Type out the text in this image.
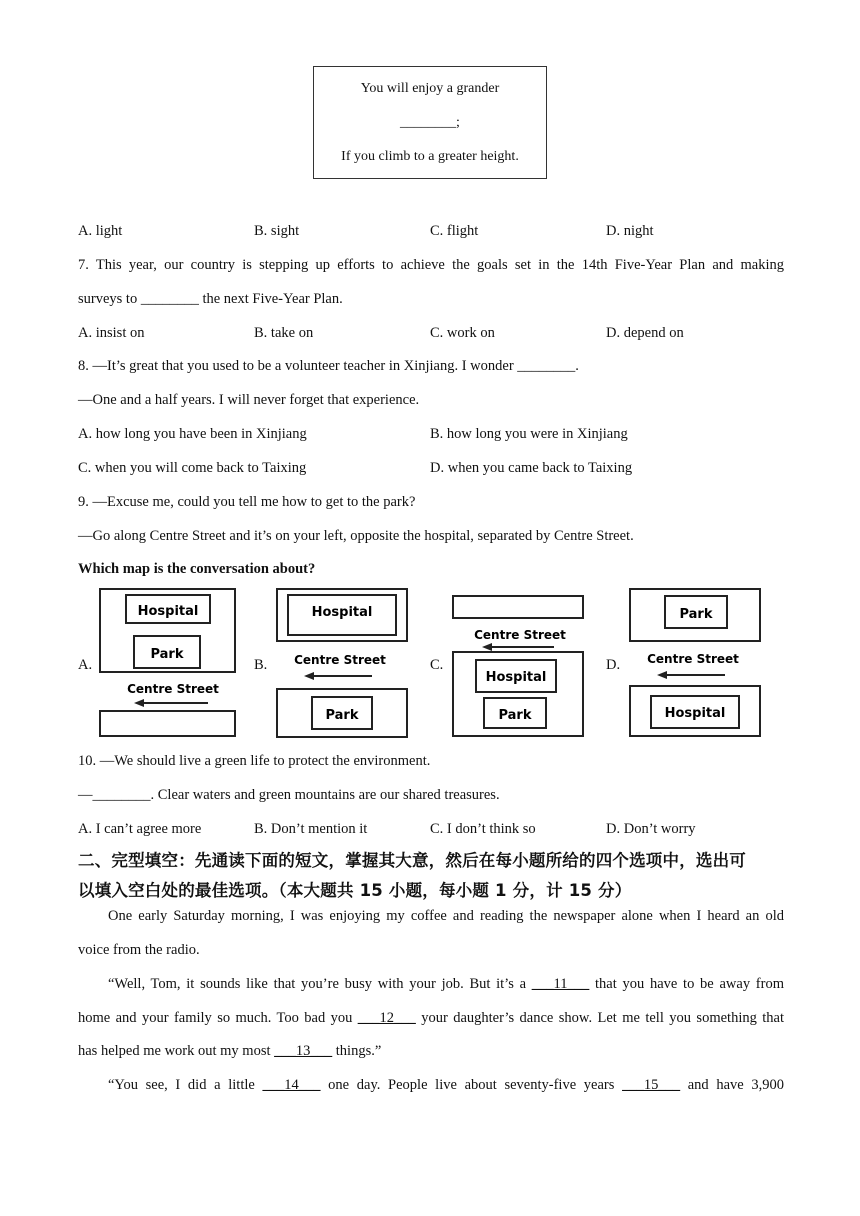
You will enjoy a grander
________;
If you climb to a greater height.
A. light	B. sight	C. flight	D. night
7. This year, our country is stepping up efforts to achieve the goals set in the 14th Five-Year Plan and making
surveys to ________ the next Five-Year Plan.
A. insist on	B. take on	C. work on	D. depend on
8. —It’s great that you used to be a volunteer teacher in Xinjiang. I wonder ________.
—One and a half years. I will never forget that experience.
A. how long you have been in Xinjiang	B. how long you were in Xinjiang
C. when you will come back to Taixing	D. when you came back to Taixing
9. —Excuse me, could you tell me how to get to the park?
—Go along Centre Street and it’s on your left, opposite the hospital, separated by Centre Street.
Which map is the conversation about?
A.	B.	C.	D.
Hospital
Park
Centre Street
Hospital
Centre Street
Park
Centre Street
Hospital
Park
Park
Centre Street
Hospital
10. —We should live a green life to protect the environment.
—________. Clear waters and green mountains are our shared treasures.
A. I can’t agree more	B. Don’t mention it	C. I don’t think so	D. Don’t worry
二、完型填空：先通读下面的短文，掌握其大意，然后在每小题所给的四个选项中，选出可
以填入空白处的最佳选项。（本大题共 15 小题，每小题 1 分，计 15 分）
One early Saturday morning, I was enjoying my coffee and reading the newspaper alone when I heard an old
voice from the radio.
“Well, Tom, it sounds like that you’re busy with your job. But it’s a ___11___ that you have to be away from
home and your family so much. Too bad you ___12___ your daughter’s dance show. Let me tell you something that
has helped me work out my most ___13___ things.”
“You see, I did a little ___14___ one day. People live about seventy-five years ___15___ and have 3,900
